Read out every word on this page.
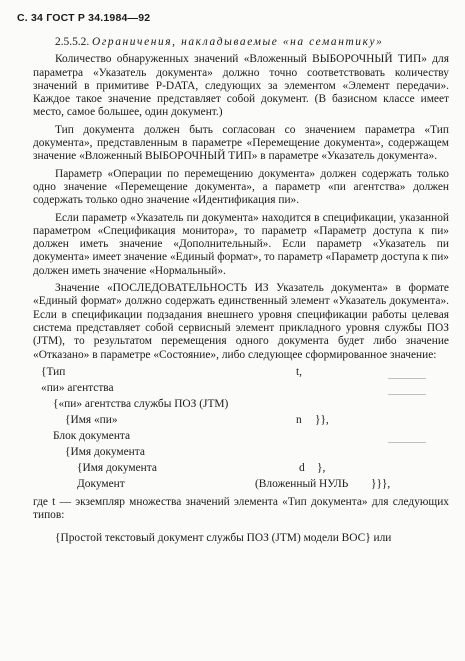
С. 34 ГОСТ Р 34.1984—92

2.5.5.2. Ограничения, накладываемые «на семантику»

Количество обнаруженных значений «Вложенный ВЫБОРОЧНЫЙ ТИП» для параметра «Указатель документа» должно точно соответствовать количеству значений в примитиве P-DATA, следующих за элементом «Элемент передачи». Каждое такое значение представляет собой документ. (В базисном классе имеет место, самое большее, один документ.)

Тип документа должен быть согласован со значением параметра «Тип документа», представленным в параметре «Перемещение документа», содержащем значение «Вложенный ВЫБОРОЧНЫЙ ТИП» в параметре «Указатель документа».

Параметр «Операции по перемещению документа» должен содержать только одно значение «Перемещение документа», а параметр «пи агентства» должен содержать только одно значение «Идентификация пи».

Если параметр «Указатель пи документа» находится в спецификации, указанной параметром «Спецификация монитора», то параметр «Параметр доступа к пи» должен иметь значение «Дополнительный». Если параметр «Указатель пи документа» имеет значение «Единый формат», то параметр «Параметр доступа к пи» должен иметь значение «Нормальный».

Значение «ПОСЛЕДОВАТЕЛЬНОСТЬ ИЗ Указатель документа» в формате «Единый формат» должно содержать единственный элемент «Указатель документа». Если в спецификации подзадания внешнего уровня спецификации работы целевая система представляет собой сервисный элемент прикладного уровня службы ПОЗ (JTM), то результатом перемещения одного документа будет либо значение «Отказано» в параметре «Состояние», либо следующее сформированное значение:

{Тип	t,
«пи» агентства
{«пи» агентства службы ПОЗ (JTM)
{Имя «пи»	n }},
Блок документа
{Имя документа
{Имя документа	d },
Документ	(Вложенный НУЛЬ }}},

где t — экземпляр множества значений элемента «Тип документа» для следующих типов:

{Простой текстовый документ службы ПОЗ (JTM) модели ВОС} или
